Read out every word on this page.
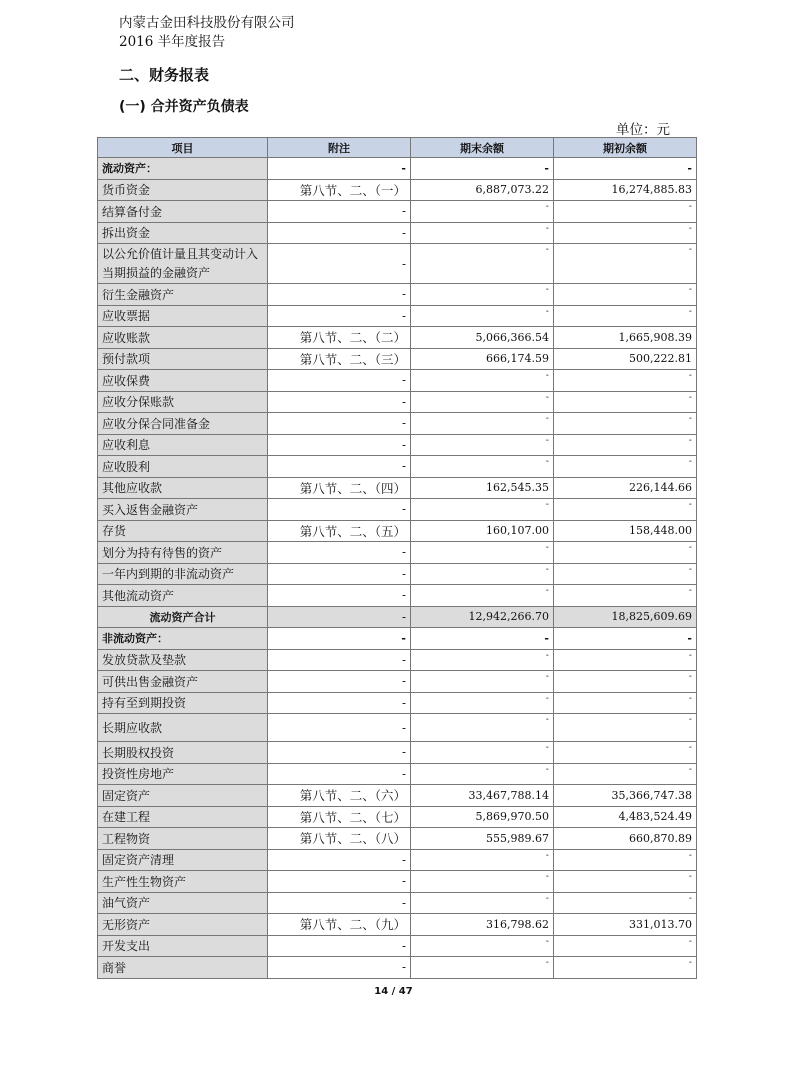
内蒙古金田科技股份有限公司
2016 半年度报告
二、财务报表
(一) 合并资产负债表
单位：元
项目	附注	期末余额	期初余额
流动资产：	-	-	-
货币资金	第八节、二、（一）	6,887,073.22	16,274,885.83
结算备付金	-	-	-
拆出资金	-	-	-
以公允价值计量且其变动计入当期损益的金融资产	-	-	-
衍生金融资产	-	-	-
应收票据	-	-	-
应收账款	第八节、二、（二）	5,066,366.54	1,665,908.39
预付款项	第八节、二、（三）	666,174.59	500,222.81
应收保费	-	-	-
应收分保账款	-	-	-
应收分保合同准备金	-	-	-
应收利息	-	-	-
应收股利	-	-	-
其他应收款	第八节、二、（四）	162,545.35	226,144.66
买入返售金融资产	-	-	-
存货	第八节、二、（五）	160,107.00	158,448.00
划分为持有待售的资产	-	-	-
一年内到期的非流动资产	-	-	-
其他流动资产	-	-	-
流动资产合计	-	12,942,266.70	18,825,609.69
非流动资产：	-	-	-
发放贷款及垫款	-	-	-
可供出售金融资产	-	-	-
持有至到期投资	-	-	-
长期应收款	-	-	-
长期股权投资	-	-	-
投资性房地产	-	-	-
固定资产	第八节、二、（六）	33,467,788.14	35,366,747.38
在建工程	第八节、二、（七）	5,869,970.50	4,483,524.49
工程物资	第八节、二、（八）	555,989.67	660,870.89
固定资产清理	-	-	-
生产性生物资产	-	-	-
油气资产	-	-	-
无形资产	第八节、二、（九）	316,798.62	331,013.70
开发支出	-	-	-
商誉	-	-	-
14 / 47
